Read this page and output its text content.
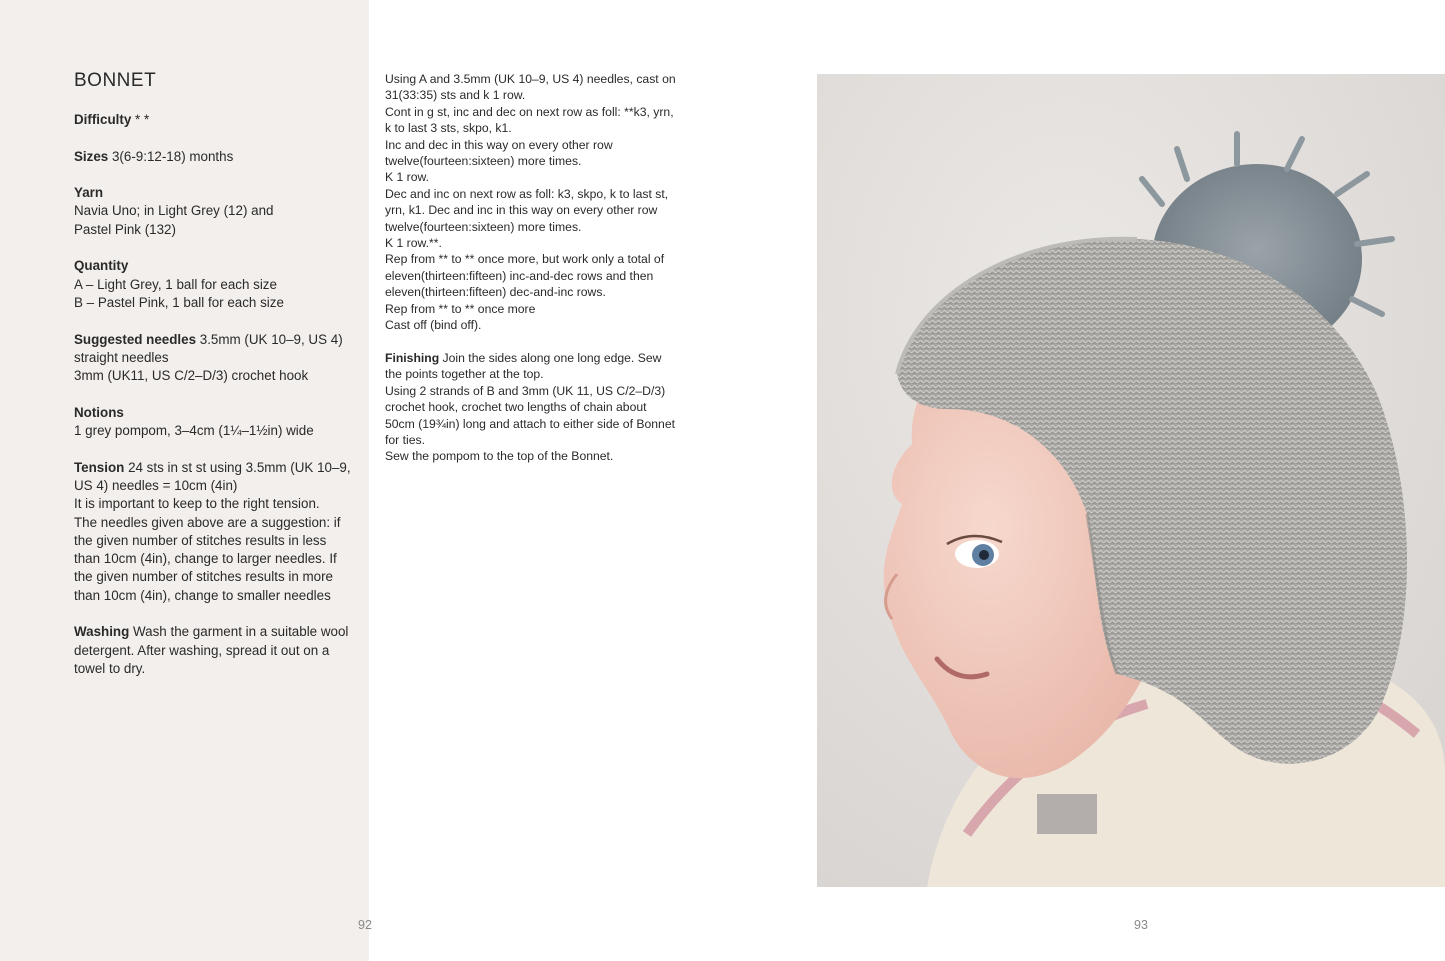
BONNET
Difficulty * *
Sizes 3(6-9:12-18) months
Yarn
Navia Uno; in Light Grey (12) and
Pastel Pink (132)
Quantity
A – Light Grey, 1 ball for each size
B – Pastel Pink, 1 ball for each size
Suggested needles 3.5mm (UK 10–9, US 4)
straight needles
3mm (UK11, US C/2–D/3) crochet hook
Notions
1 grey pompom, 3–4cm (1¼–1½in) wide
Tension 24 sts in st st using 3.5mm (UK 10–9,
US 4) needles = 10cm (4in)
It is important to keep to the right tension.
The needles given above are a suggestion: if
the given number of stitches results in less
than 10cm (4in), change to larger needles. If
the given number of stitches results in more
than 10cm (4in), change to smaller needles
Washing Wash the garment in a suitable wool
detergent. After washing, spread it out on a
towel to dry.
Using A and 3.5mm (UK 10–9, US 4) needles, cast on
31(33:35) sts and k 1 row.
Cont in g st, inc and dec on next row as foll: **k3, yrn,
k to last 3 sts, skpo, k1.
Inc and dec in this way on every other row
twelve(fourteen:sixteen) more times.
K 1 row.
Dec and inc on next row as foll: k3, skpo, k to last st,
yrn, k1. Dec and inc in this way on every other row
twelve(fourteen:sixteen) more times.
K 1 row.**.
Rep from ** to ** once more, but work only a total of
eleven(thirteen:fifteen) inc-and-dec rows and then
eleven(thirteen:fifteen) dec-and-inc rows.
Rep from ** to ** once more
Cast off (bind off).
Finishing Join the sides along one long edge. Sew
the points together at the top.
Using 2 strands of B and 3mm (UK 11, US C/2–D/3)
crochet hook, crochet two lengths of chain about
50cm (19¾in) long and attach to either side of Bonnet
for ties.
Sew the pompom to the top of the Bonnet.
92	93
